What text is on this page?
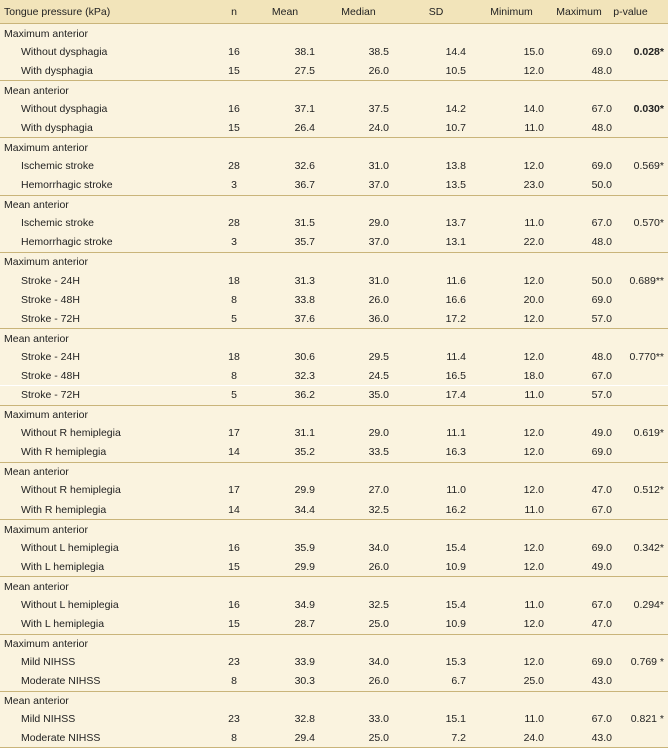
Tongue pressure (kPa)	n	Mean	Median	SD	Minimum	Maximum	p-value
Maximum anterior
Without dysphagia	16	38.1	38.5	14.4	15.0	69.0	0.028*
With dysphagia	15	27.5	26.0	10.5	12.0	48.0
Mean anterior
Without dysphagia	16	37.1	37.5	14.2	14.0	67.0	0.030*
With dysphagia	15	26.4	24.0	10.7	11.0	48.0
Maximum anterior
Ischemic stroke	28	32.6	31.0	13.8	12.0	69.0	0.569*
Hemorrhagic stroke	3	36.7	37.0	13.5	23.0	50.0
Mean anterior
Ischemic stroke	28	31.5	29.0	13.7	11.0	67.0	0.570*
Hemorrhagic stroke	3	35.7	37.0	13.1	22.0	48.0
Maximum anterior
Stroke - 24H	18	31.3	31.0	11.6	12.0	50.0	0.689**
Stroke - 48H	8	33.8	26.0	16.6	20.0	69.0
Stroke - 72H	5	37.6	36.0	17.2	12.0	57.0
Mean anterior
Stroke - 24H	18	30.6	29.5	11.4	12.0	48.0	0.770**
Stroke - 48H	8	32.3	24.5	16.5	18.0	67.0
Stroke - 72H	5	36.2	35.0	17.4	11.0	57.0
Maximum anterior
Without R hemiplegia	17	31.1	29.0	11.1	12.0	49.0	0.619*
With R hemiplegia	14	35.2	33.5	16.3	12.0	69.0
Mean anterior
Without R hemiplegia	17	29.9	27.0	11.0	12.0	47.0	0.512*
With R hemiplegia	14	34.4	32.5	16.2	11.0	67.0
Maximum anterior
Without L hemiplegia	16	35.9	34.0	15.4	12.0	69.0	0.342*
With L hemiplegia	15	29.9	26.0	10.9	12.0	49.0
Mean anterior
Without L hemiplegia	16	34.9	32.5	15.4	11.0	67.0	0.294*
With L hemiplegia	15	28.7	25.0	10.9	12.0	47.0
Maximum anterior
Mild NIHSS	23	33.9	34.0	15.3	12.0	69.0	0.769 *
Moderate NIHSS	8	30.3	26.0	6.7	25.0	43.0
Mean anterior
Mild NIHSS	23	32.8	33.0	15.1	11.0	67.0	0.821 *
Moderate NIHSS	8	29.4	25.0	7.2	24.0	43.0
